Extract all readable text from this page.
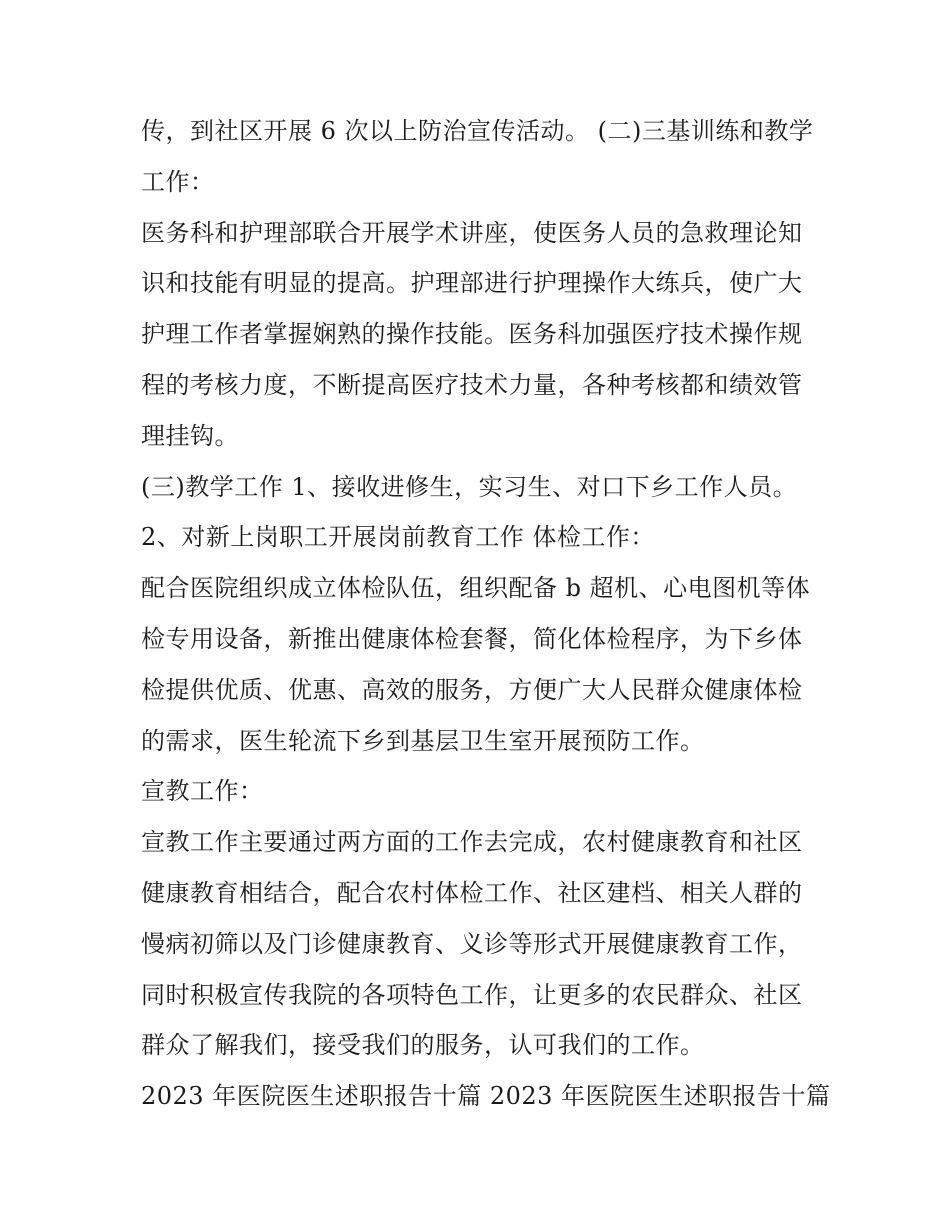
传，到社区开展 6 次以上防治宣传活动。 (二)三基训练和教学
工作：
医务科和护理部联合开展学术讲座，使医务人员的急救理论知
识和技能有明显的提高。护理部进行护理操作大练兵，使广大
护理工作者掌握娴熟的操作技能。医务科加强医疗技术操作规
程的考核力度，不断提高医疗技术力量，各种考核都和绩效管
理挂钩。
(三)教学工作 1、接收进修生，实习生、对口下乡工作人员。
2、对新上岗职工开展岗前教育工作 体检工作：
配合医院组织成立体检队伍，组织配备 b 超机、心电图机等体
检专用设备，新推出健康体检套餐，简化体检程序，为下乡体
检提供优质、优惠、高效的服务，方便广大人民群众健康体检
的需求，医生轮流下乡到基层卫生室开展预防工作。
宣教工作：
宣教工作主要通过两方面的工作去完成，农村健康教育和社区
健康教育相结合，配合农村体检工作、社区建档、相关人群的
慢病初筛以及门诊健康教育、义诊等形式开展健康教育工作，
同时积极宣传我院的各项特色工作，让更多的农民群众、社区
群众了解我们，接受我们的服务，认可我们的工作。
2023 年医院医生述职报告十篇 2023 年医院医生述职报告十篇
